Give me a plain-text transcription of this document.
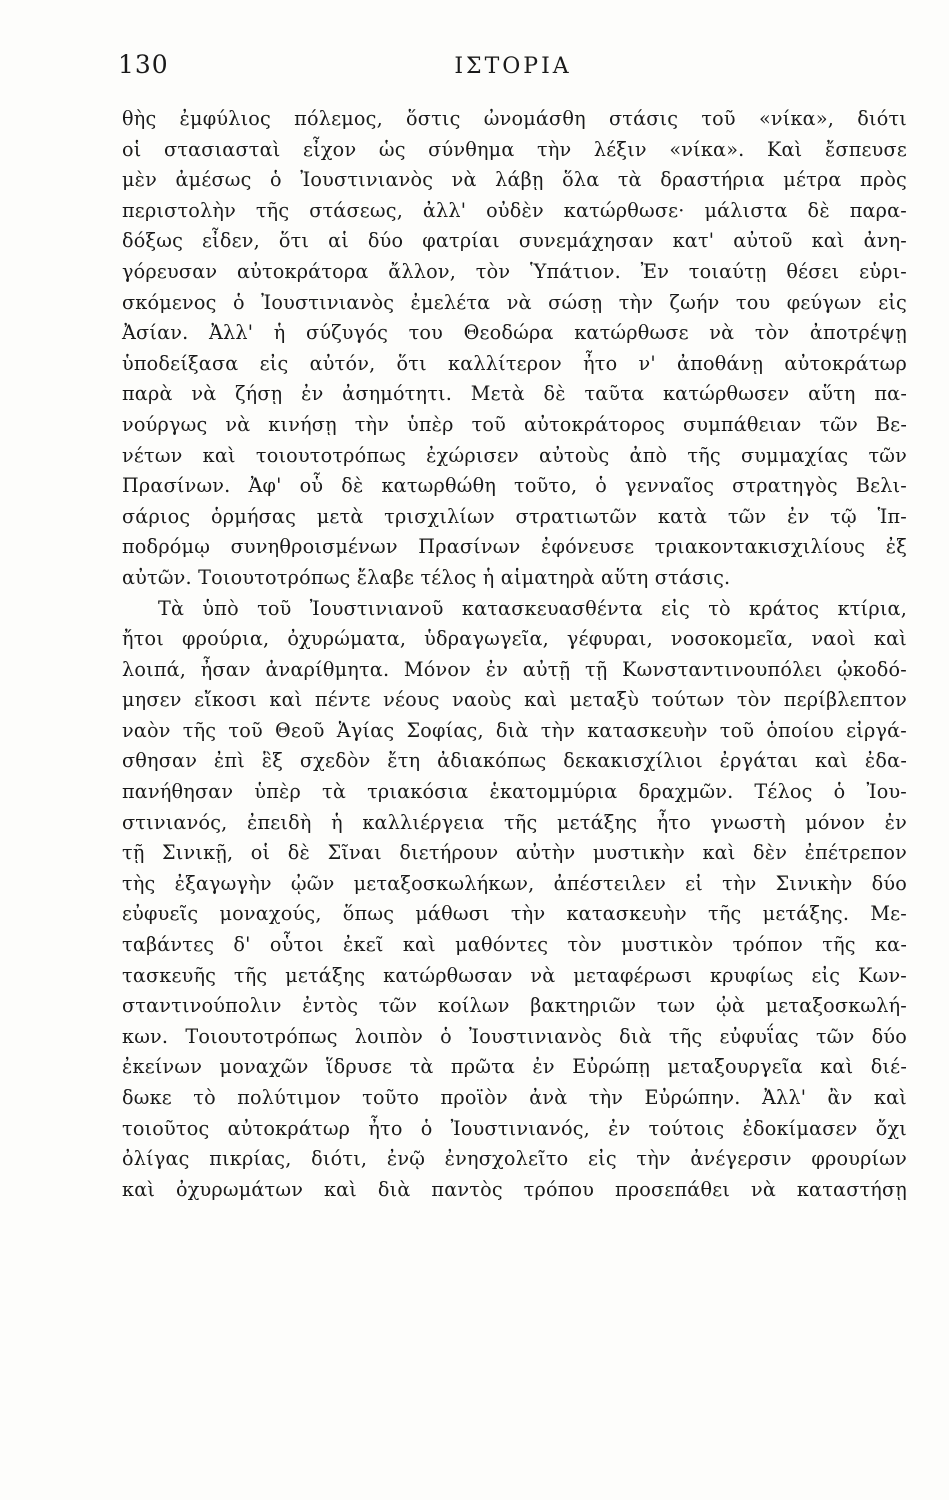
130	ΙΣΤΟΡΙΑ
θὴς ἐμφύλιος πόλεμος, ὅστις ὠνομάσθη στάσις τοῦ «νίκα», διότι
οἱ στασιασταὶ εἶχον ὡς σύνθημα τὴν λέξιν «νίκα». Καὶ ἔσπευσε
μὲν ἀμέσως ὁ Ἰουστινιανὸς νὰ λάβῃ ὅλα τὰ δραστήρια μέτρα πρὸς
περιστολὴν τῆς στάσεως, ἀλλ' οὐδὲν κατώρθωσε· μάλιστα δὲ παρα-
δόξως εἶδεν, ὅτι αἱ δύο φατρίαι συνεμάχησαν κατ' αὐτοῦ καὶ ἀνη-
γόρευσαν αὐτοκράτορα ἄλλον, τὸν Ὑπάτιον. Ἐν τοιαύτῃ θέσει εὑρι-
σκόμενος ὁ Ἰουστινιανὸς ἐμελέτα νὰ σώσῃ τὴν ζωήν του φεύγων εἰς
Ἀσίαν. Ἀλλ' ἡ σύζυγός του Θεοδώρα κατώρθωσε νὰ τὸν ἀποτρέψῃ
ὑποδείξασα εἰς αὐτόν, ὅτι καλλίτερον ἦτο ν' ἀποθάνῃ αὐτοκράτωρ
παρὰ νὰ ζήσῃ ἐν ἀσημότητι. Μετὰ δὲ ταῦτα κατώρθωσεν αὕτη πα-
νούργως νὰ κινήσῃ τὴν ὑπὲρ τοῦ αὐτοκράτορος συμπάθειαν τῶν Βε-
νέτων καὶ τοιουτοτρόπως ἐχώρισεν αὐτοὺς ἀπὸ τῆς συμμαχίας τῶν
Πρασίνων. Ἀφ' οὗ δὲ κατωρθώθη τοῦτο, ὁ γενναῖος στρατηγὸς Βελι-
σάριος ὁρμήσας μετὰ τρισχιλίων στρατιωτῶν κατὰ τῶν ἐν τῷ Ἱπ-
ποδρόμῳ συνηθροισμένων Πρασίνων ἐφόνευσε τριακοντακισχιλίους ἐξ
αὐτῶν. Τοιουτοτρόπως ἔλαβε τέλος ἡ αἱματηρὰ αὕτη στάσις.
Τὰ ὑπὸ τοῦ Ἰουστινιανοῦ κατασκευασθέντα εἰς τὸ κράτος κτίρια,
ἤτοι φρούρια, ὀχυρώματα, ὑδραγωγεῖα, γέφυραι, νοσοκομεῖα, ναοὶ καὶ
λοιπά, ἦσαν ἀναρίθμητα. Μόνον ἐν αὐτῇ τῇ Κωνσταντινουπόλει ᾠκοδό-
μησεν εἴκοσι καὶ πέντε νέους ναοὺς καὶ μεταξὺ τούτων τὸν περίβλεπτον
ναὸν τῆς τοῦ Θεοῦ Ἁγίας Σοφίας, διὰ τὴν κατασκευὴν τοῦ ὁποίου εἰργά-
σθησαν ἐπὶ ἓξ σχεδὸν ἔτη ἀδιακόπως δεκακισχίλιοι ἐργάται καὶ ἐδα-
πανήθησαν ὑπὲρ τὰ τριακόσια ἑκατομμύρια δραχμῶν. Τέλος ὁ Ἰου-
στινιανός, ἐπειδὴ ἡ καλλιέργεια τῆς μετάξης ἦτο γνωστὴ μόνον ἐν
τῇ Σινικῇ, οἱ δὲ Σῖναι διετήρουν αὐτὴν μυστικὴν καὶ δὲν ἐπέτρεπον
τὴς ἐξαγωγὴν ᾠῶν μεταξοσκωλήκων, ἀπέστειλεν εἰ τὴν Σινικὴν δύο
εὐφυεῖς μοναχούς, ὅπως μάθωσι τὴν κατασκευὴν τῆς μετάξης. Με-
ταβάντες δ' οὗτοι ἐκεῖ καὶ μαθόντες τὸν μυστικὸν τρόπον τῆς κα-
τασκευῆς τῆς μετάξης κατώρθωσαν νὰ μεταφέρωσι κρυφίως εἰς Κων-
σταντινούπολιν ἐντὸς τῶν κοίλων βακτηριῶν των ᾠὰ μεταξοσκωλή-
κων. Τοιουτοτρόπως λοιπὸν ὁ Ἰουστινιανὸς διὰ τῆς εὐφυΐας τῶν δύο
ἐκείνων μοναχῶν ἵδρυσε τὰ πρῶτα ἐν Εὐρώπῃ μεταξουργεῖα καὶ διέ-
δωκε τὸ πολύτιμον τοῦτο προϊὸν ἀνὰ τὴν Εὐρώπην. Ἀλλ' ἂν καὶ
τοιοῦτος αὐτοκράτωρ ἦτο ὁ Ἰουστινιανός, ἐν τούτοις ἐδοκίμασεν ὄχι
ὀλίγας πικρίας, διότι, ἐνῷ ἐνησχολεῖτο εἰς τὴν ἀνέγερσιν φρουρίων
καὶ ὀχυρωμάτων καὶ διὰ παντὸς τρόπου προσεπάθει νὰ καταστήσῃ
